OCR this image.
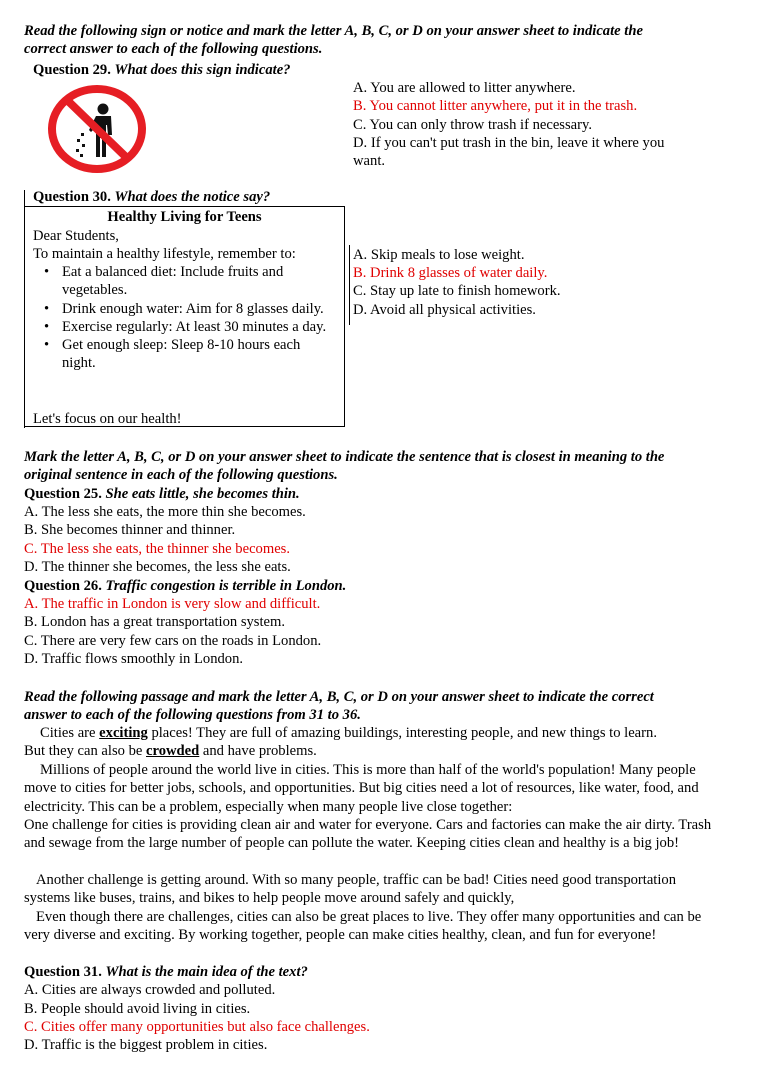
Read the following sign or notice and mark the letter A, B, C, or D on your answer sheet to indicate the
correct answer to each of the following questions.
Question 29. What does this sign indicate?
A. You are allowed to litter anywhere.
B. You cannot litter anywhere, put it in the trash.
C. You can only throw trash if necessary.
D. If you can't put trash in the bin, leave it where you
want.
Question 30. What does the notice say?
Healthy Living for Teens
Dear Students,
To maintain a healthy lifestyle, remember to:
• Eat a balanced diet: Include fruits and vegetables.
• Drink enough water: Aim for 8 glasses daily.
• Exercise regularly: At least 30 minutes a day.
• Get enough sleep: Sleep 8-10 hours each night.
Let's focus on our health!
A. Skip meals to lose weight.
B. Drink 8 glasses of water daily.
C. Stay up late to finish homework.
D. Avoid all physical activities.
Mark the letter A, B, C, or D on your answer sheet to indicate the sentence that is closest in meaning to the
original sentence in each of the following questions.
Question 25. She eats little, she becomes thin.
A. The less she eats, the more thin she becomes.
B. She becomes thinner and thinner.
C. The less she eats, the thinner she becomes.
D. The thinner she becomes, the less she eats.
Question 26. Traffic congestion is terrible in London.
A. The traffic in London is very slow and difficult.
B. London has a great transportation system.
C. There are very few cars on the roads in London.
D. Traffic flows smoothly in London.
Read the following passage and mark the letter A, B, C, or D on your answer sheet to indicate the correct
answer to each of the following questions from 31 to 36.
Cities are exciting places! They are full of amazing buildings, interesting people, and new things to learn.
But they can also be crowded and have problems.
Millions of people around the world live in cities. This is more than half of the world's population! Many people move to cities for better jobs, schools, and opportunities. But big cities need a lot of resources, like water, food, and electricity. This can be a problem, especially when many people live close together:
One challenge for cities is providing clean air and water for everyone. Cars and factories can make the air dirty. Trash and sewage from the large number of people can pollute the water. Keeping cities clean and healthy is a big job!
Another challenge is getting around. With so many people, traffic can be bad! Cities need good transportation systems like buses, trains, and bikes to help people move around safely and quickly,
Even though there are challenges, cities can also be great places to live. They offer many opportunities and can be very diverse and exciting. By working together, people can make cities healthy, clean, and fun for everyone!
Question 31. What is the main idea of the text?
A. Cities are always crowded and polluted.
B. People should avoid living in cities.
C. Cities offer many opportunities but also face challenges.
D. Traffic is the biggest problem in cities.
